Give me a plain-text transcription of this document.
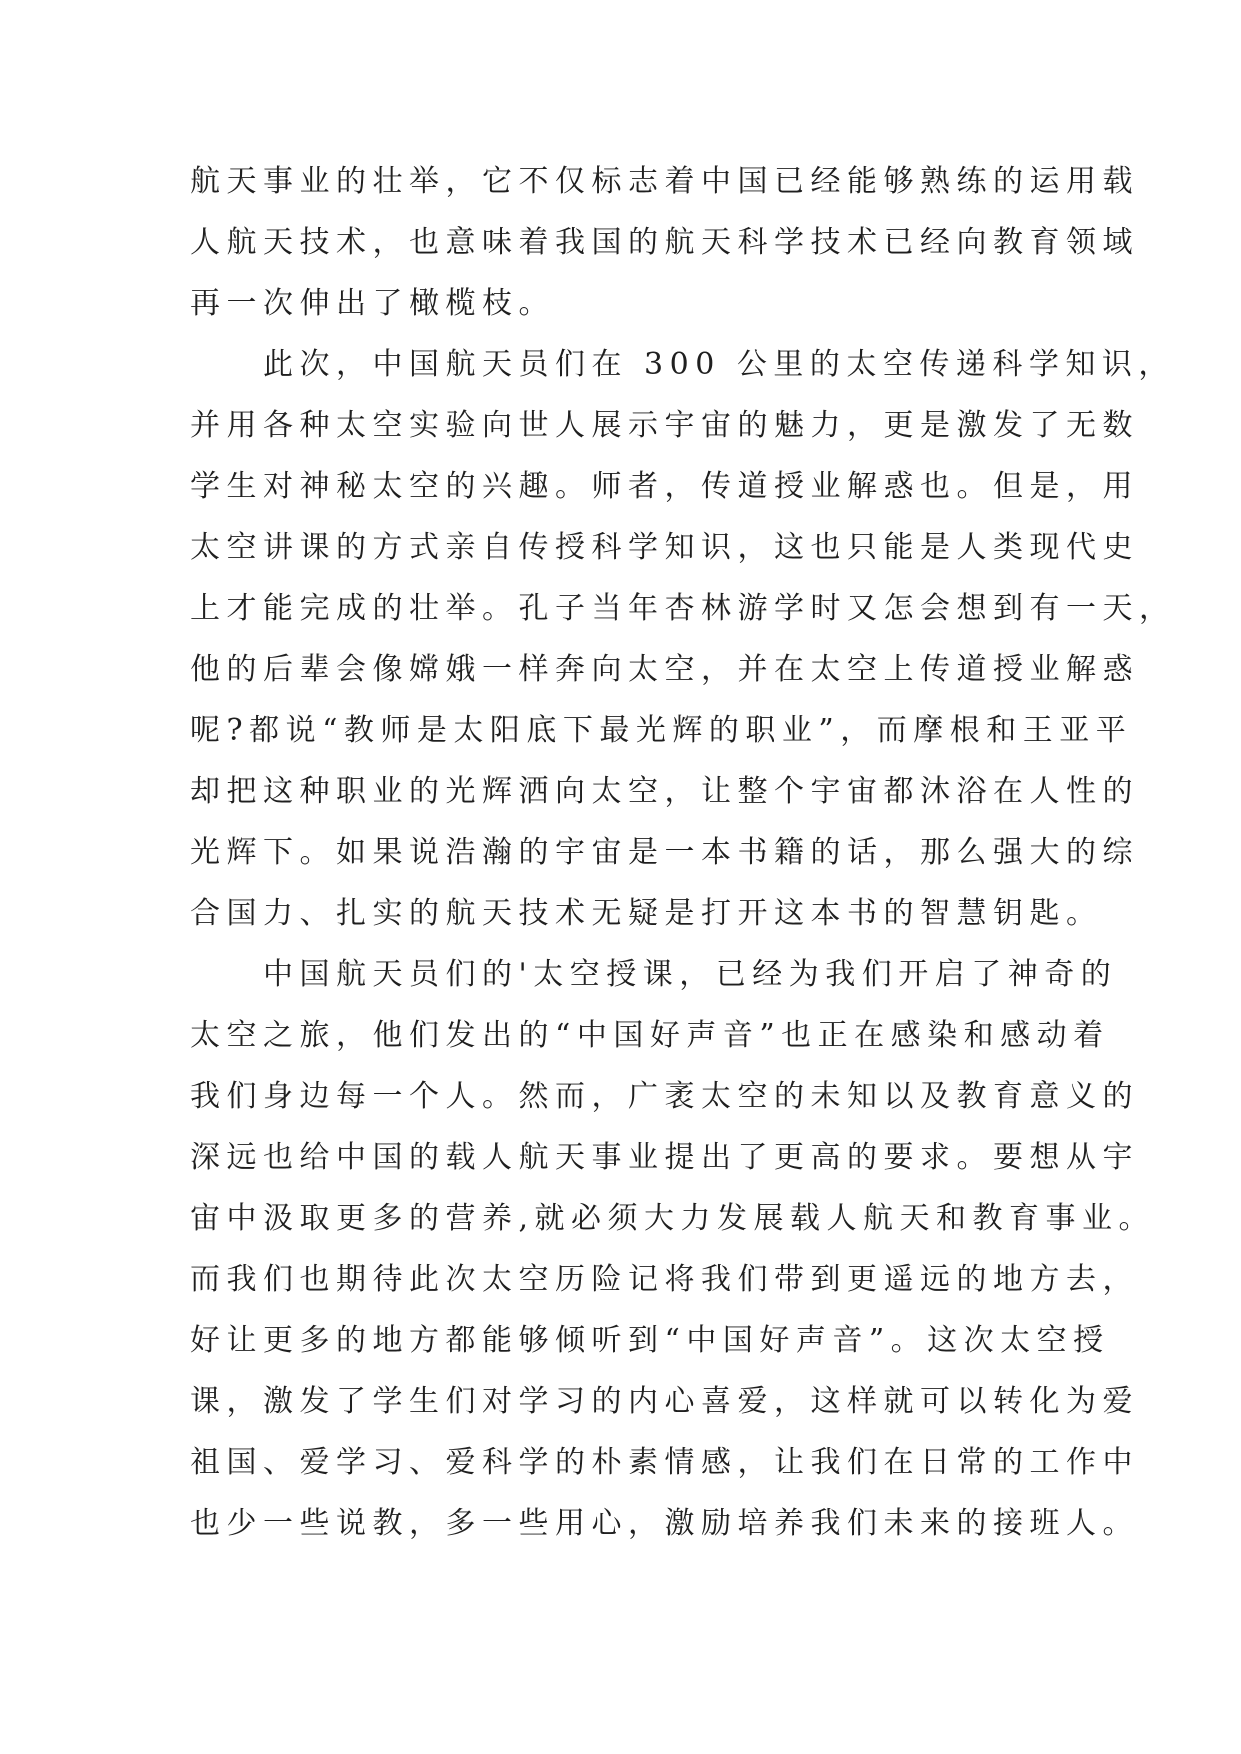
航天事业的壮举，它不仅标志着中国已经能够熟练的运用载
人航天技术，也意味着我国的航天科学技术已经向教育领域
再一次伸出了橄榄枝。

此次，中国航天员们在 300 公里的太空传递科学知识，
并用各种太空实验向世人展示宇宙的魅力，更是激发了无数
学生对神秘太空的兴趣。师者，传道授业解惑也。但是，用
太空讲课的方式亲自传授科学知识，这也只能是人类现代史
上才能完成的壮举。孔子当年杏林游学时又怎会想到有一天，
他的后辈会像嫦娥一样奔向太空，并在太空上传道授业解惑
呢?都说“教师是太阳底下最光辉的职业”，而摩根和王亚平
却把这种职业的光辉洒向太空，让整个宇宙都沐浴在人性的
光辉下。如果说浩瀚的宇宙是一本书籍的话，那么强大的综
合国力、扎实的航天技术无疑是打开这本书的智慧钥匙。

中国航天员们的'太空授课，已经为我们开启了神奇的
太空之旅，他们发出的“中国好声音”也正在感染和感动着
我们身边每一个人。然而，广袤太空的未知以及教育意义的
深远也给中国的载人航天事业提出了更高的要求。要想从宇
宙中汲取更多的营养,就必须大力发展载人航天和教育事业。
而我们也期待此次太空历险记将我们带到更遥远的地方去，
好让更多的地方都能够倾听到“中国好声音”。这次太空授
课，激发了学生们对学习的内心喜爱，这样就可以转化为爱
祖国、爱学习、爱科学的朴素情感，让我们在日常的工作中
也少一些说教，多一些用心，激励培养我们未来的接班人。
